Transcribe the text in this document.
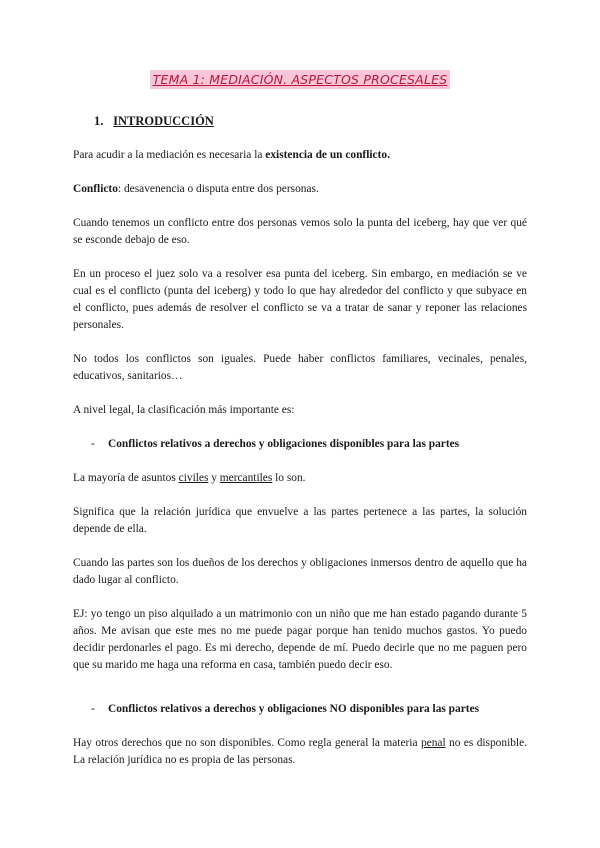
TEMA 1: MEDIACIÓN. ASPECTOS PROCESALES
1. INTRODUCCIÓN

Para acudir a la mediación es necesaria la existencia de un conflicto.

Conflicto: desavenencia o disputa entre dos personas.

Cuando tenemos un conflicto entre dos personas vemos solo la punta del iceberg, hay que ver qué se esconde debajo de eso.

En un proceso el juez solo va a resolver esa punta del iceberg. Sin embargo, en mediación se ve cual es el conflicto (punta del iceberg) y todo lo que hay alrededor del conflicto y que subyace en el conflicto, pues además de resolver el conflicto se va a tratar de sanar y reponer las relaciones personales.

No todos los conflictos son iguales. Puede haber conflictos familiares, vecinales, penales, educativos, sanitarios…

A nivel legal, la clasificación más importante es:

-	Conflictos relativos a derechos y obligaciones disponibles para las partes

La mayoría de asuntos civiles y mercantiles lo son.

Significa que la relación jurídica que envuelve a las partes pertenece a las partes, la solución depende de ella.

Cuando las partes son los dueños de los derechos y obligaciones inmersos dentro de aquello que ha dado lugar al conflicto.

EJ: yo tengo un piso alquilado a un matrimonio con un niño que me han estado pagando durante 5 años. Me avisan que este mes no me puede pagar porque han tenido muchos gastos. Yo puedo decidir perdonarles el pago. Es mi derecho, depende de mí. Puedo decirle que no me paguen pero que su marido me haga una reforma en casa, también puedo decir eso.

-	Conflictos relativos a derechos y obligaciones NO disponibles para las partes

Hay otros derechos que no son disponibles. Como regla general la materia penal no es disponible. La relación jurídica no es propia de las personas.
